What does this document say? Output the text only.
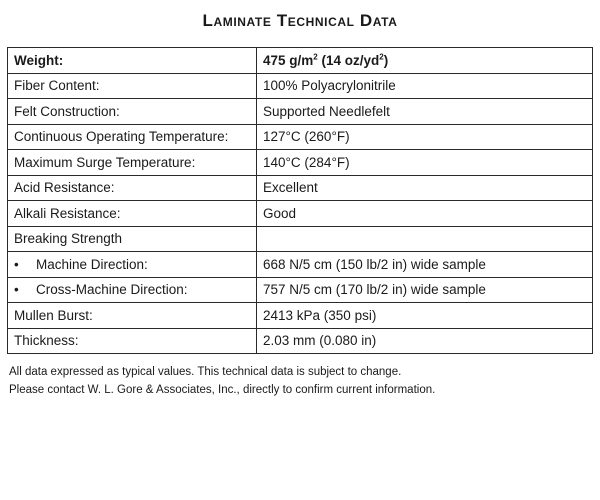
Laminate Technical Data
Weight:	475 $g/m^2$ (14 $oz/yd^2$)
Fiber Content:	100% Polyacrylonitrile
Felt Construction:	Supported Needlefelt
Continuous Operating Temperature:	127°C (260°F)
Maximum Surge Temperature:	140°C (284°F)
Acid Resistance:	Excellent
Alkali Resistance:	Good
Breaking Strength	
• Machine Direction:	668 N/5 cm (150 lb/2 in) wide sample
• Cross-Machine Direction:	757 N/5 cm (170 lb/2 in) wide sample
Mullen Burst:	2413 kPa (350 psi)
Thickness:	2.03 mm (0.080 in)
All data expressed as typical values. This technical data is subject to change.
Please contact W. L. Gore & Associates, Inc., directly to confirm current information.
